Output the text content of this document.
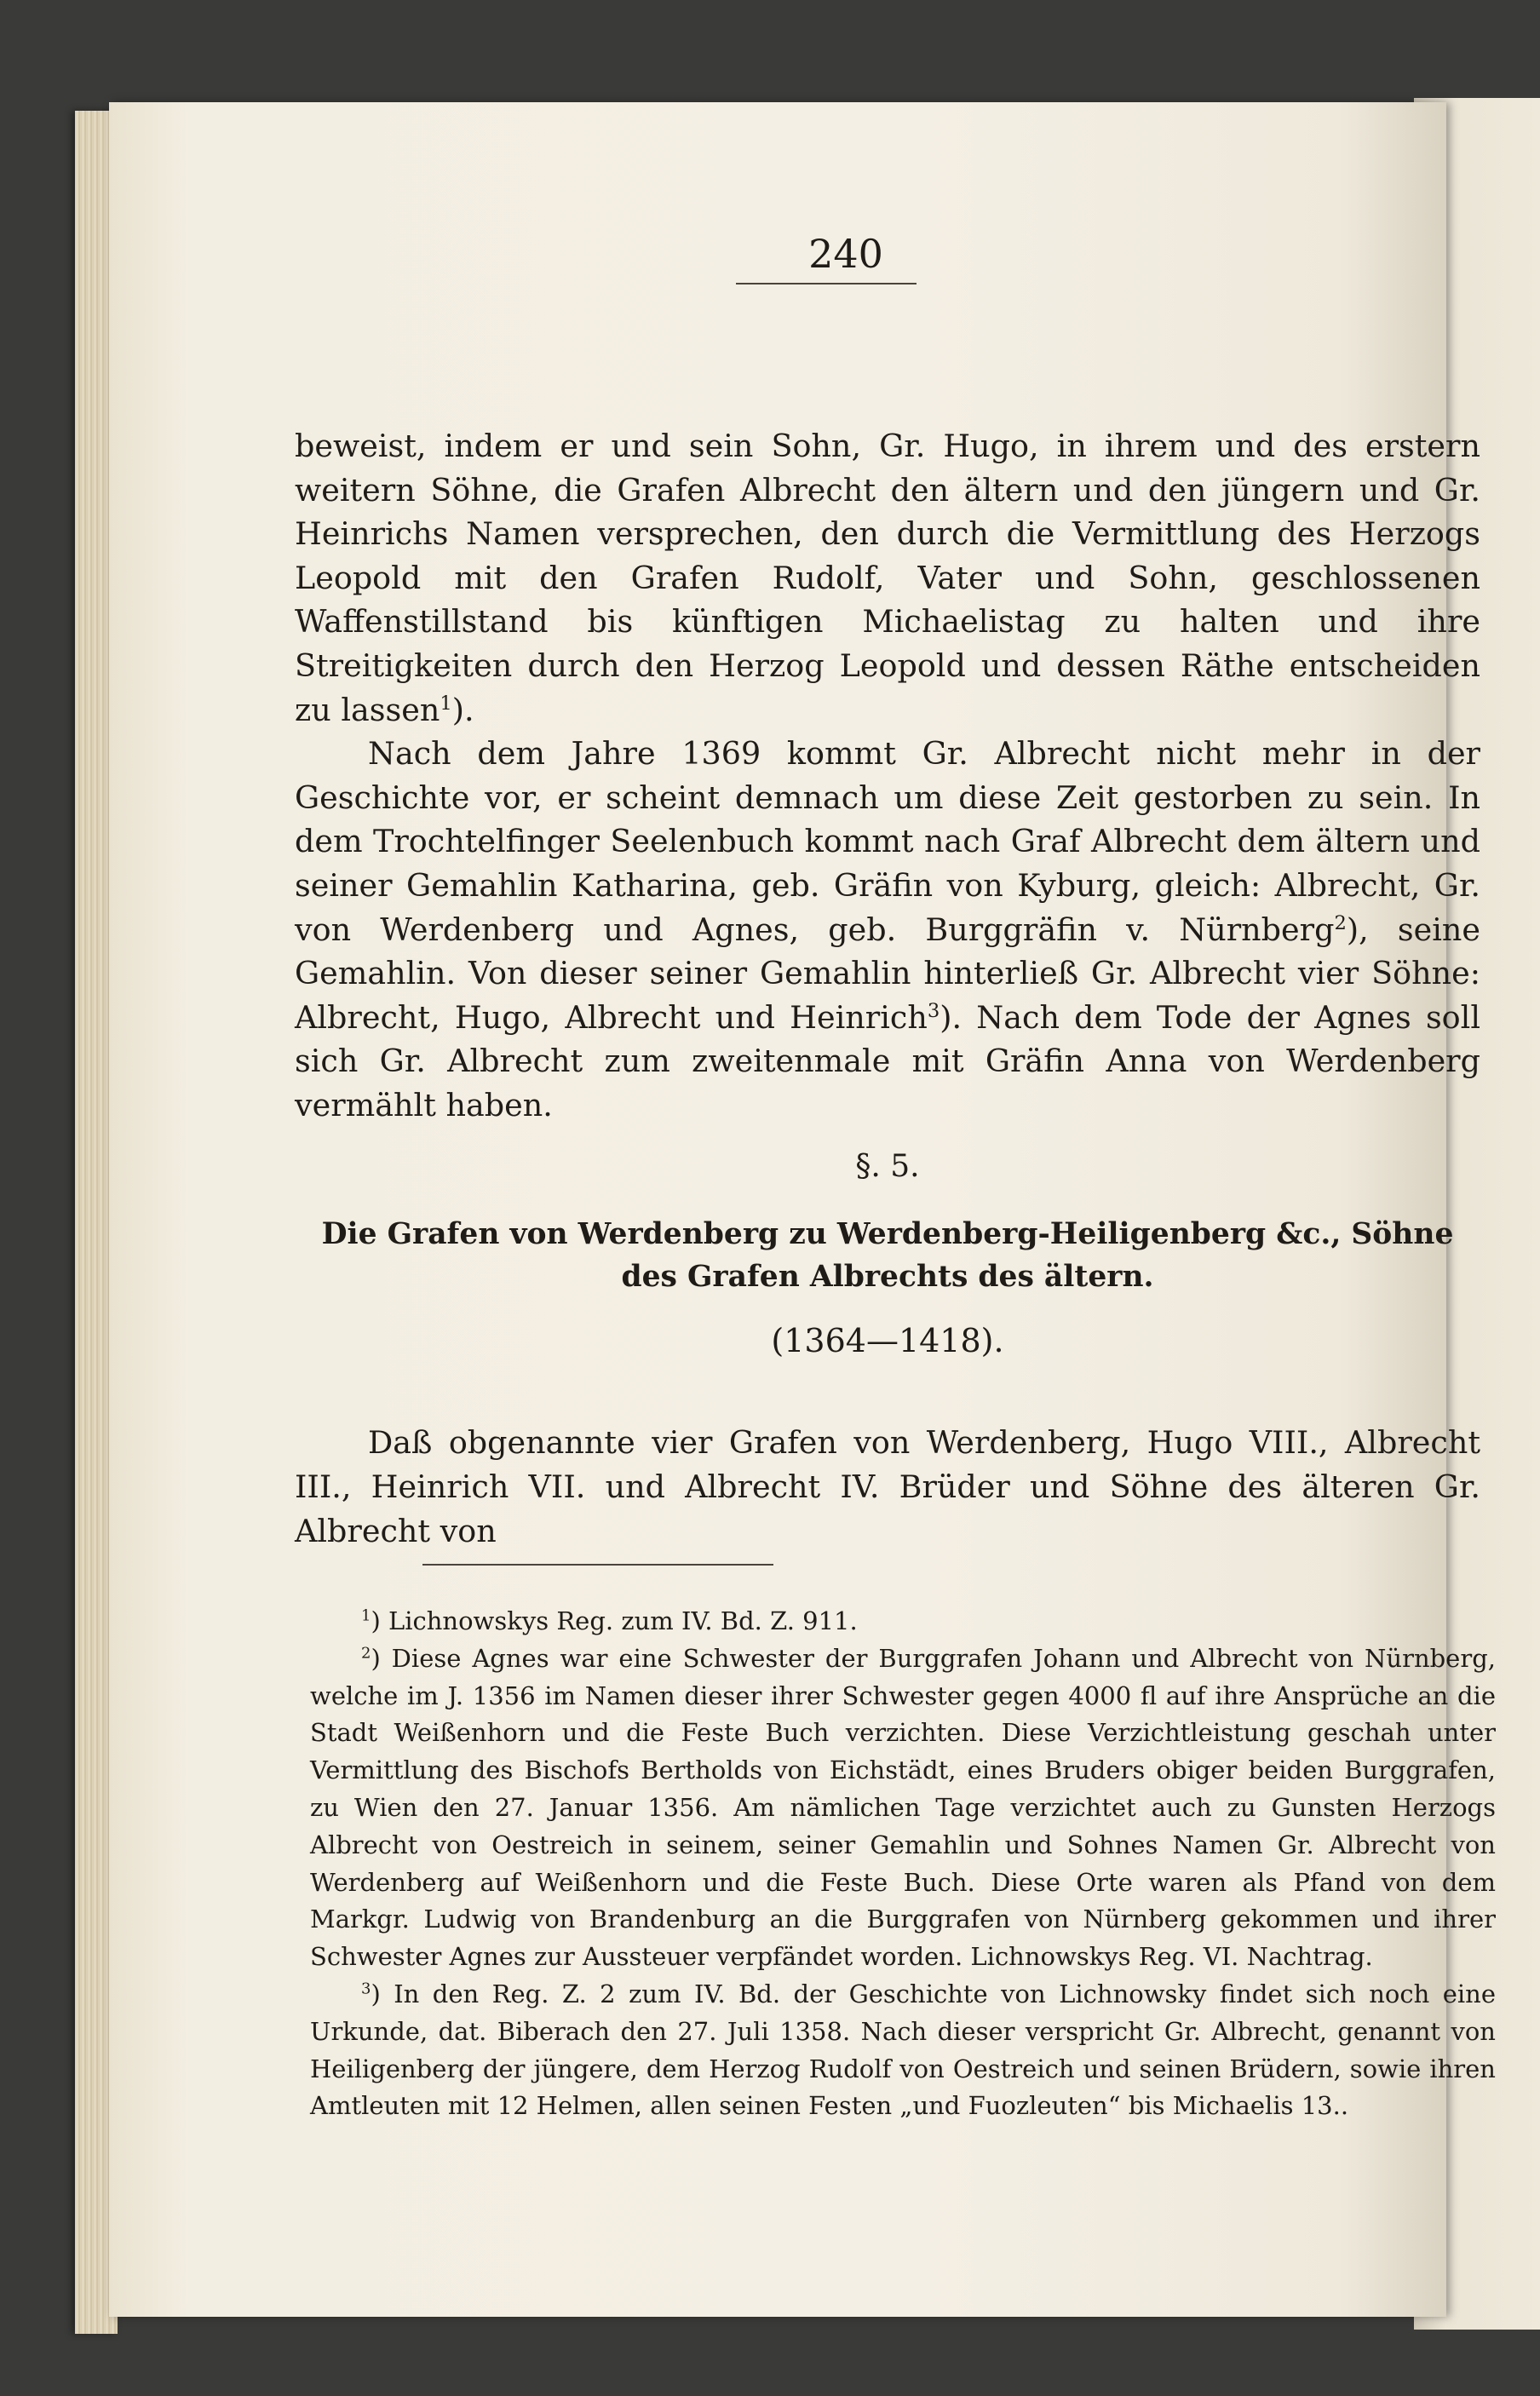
240

beweist, indem er und sein Sohn, Gr. Hugo, in ihrem und des erstern weitern Söhne, die Grafen Albrecht den ältern und den jüngern und Gr. Heinrichs Namen versprechen, den durch die Vermittlung des Herzogs Leopold mit den Grafen Rudolf, Vater und Sohn, geschlossenen Waffenstillstand bis künftigen Michaelistag zu halten und ihre Streitigkeiten durch den Herzog Leopold und dessen Räthe entscheiden zu lassen$^1$).

Nach dem Jahre 1369 kommt Gr. Albrecht nicht mehr in der Geschichte vor, er scheint demnach um diese Zeit gestorben zu sein. In dem Trochtelfinger Seelenbuch kommt nach Graf Albrecht dem ältern und seiner Gemahlin Katharina, geb. Gräfin von Kyburg, gleich: Albrecht, Gr. von Werdenberg und Agnes, geb. Burggräfin v. Nürnberg$^2$), seine Gemahlin. Von dieser seiner Gemahlin hinterließ Gr. Albrecht vier Söhne: Albrecht, Hugo, Albrecht und Heinrich$^3$). Nach dem Tode der Agnes soll sich Gr. Albrecht zum zweitenmale mit Gräfin Anna von Werdenberg vermählt haben.

§. 5.
Die Grafen von Werdenberg zu Werdenberg-Heiligenberg &c., Söhne des Grafen Albrechts des ältern.
(1364—1418).

Daß obgenannte vier Grafen von Werdenberg, Hugo VIII., Albrecht III., Heinrich VII. und Albrecht IV. Brüder und Söhne des älteren Gr. Albrecht von

$^1$) Lichnowskys Reg. zum IV. Bd. Z. 911.

$^2$) Diese Agnes war eine Schwester der Burggrafen Johann und Albrecht von Nürnberg, welche im J. 1356 im Namen dieser ihrer Schwester gegen 4000 fl auf ihre Ansprüche an die Stadt Weißenhorn und die Feste Buch verzichten. Diese Verzichtleistung geschah unter Vermittlung des Bischofs Bertholds von Eichstädt, eines Bruders obiger beiden Burggrafen, zu Wien den 27. Januar 1356. Am nämlichen Tage verzichtet auch zu Gunsten Herzogs Albrecht von Oestreich in seinem, seiner Gemahlin und Sohnes Namen Gr. Albrecht von Werdenberg auf Weißenhorn und die Feste Buch. Diese Orte waren als Pfand von dem Markgr. Ludwig von Brandenburg an die Burggrafen von Nürnberg gekommen und ihrer Schwester Agnes zur Aussteuer verpfändet worden. Lichnowskys Reg. VI. Nachtrag.

$^3$) In den Reg. Z. 2 zum IV. Bd. der Geschichte von Lichnowsky findet sich noch eine Urkunde, dat. Biberach den 27. Juli 1358. Nach dieser verspricht Gr. Albrecht, genannt von Heiligenberg der jüngere, dem Herzog Rudolf von Oestreich und seinen Brüdern, sowie ihren Amtleuten mit 12 Helmen, allen seinen Festen „und Fuozleuten“ bis Michaelis 13..
